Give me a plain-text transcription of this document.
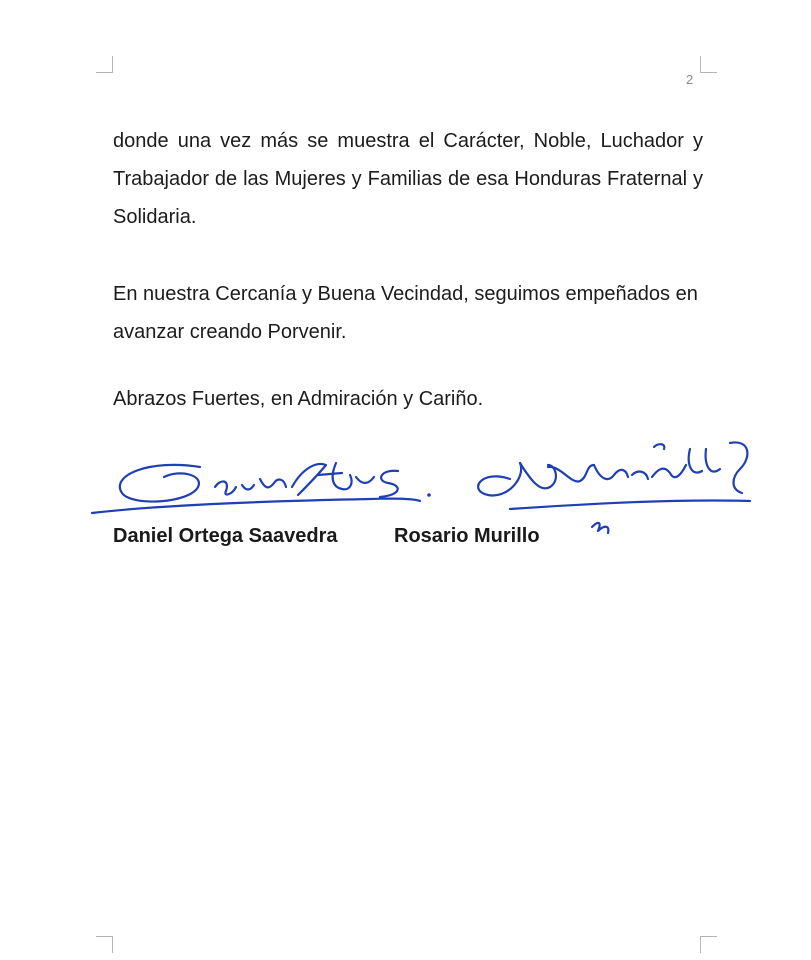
2

donde una vez más se muestra el Carácter, Noble, Luchador y Trabajador de las Mujeres y Familias de esa Honduras Fraternal y Solidaria.

En nuestra Cercanía y Buena Vecindad, seguimos empeñados en avanzar creando Porvenir.

Abrazos Fuertes, en Admiración y Cariño.

Daniel Ortega Saavedra	Rosario Murillo
